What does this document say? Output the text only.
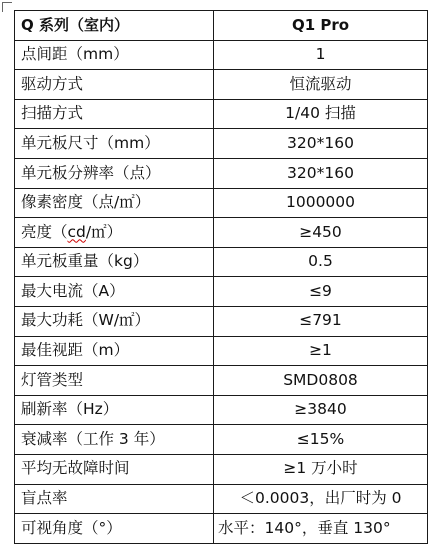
Q 系列（室内）	Q1 Pro
点间距（mm）	1
驱动方式	恒流驱动
扫描方式	1/40 扫描
单元板尺寸（mm）	320*160
单元板分辨率（点）	320*160
像素密度（点/㎡）	1000000
亮度（cd/㎡）	≥450
单元板重量（kg）	0.5
最大电流（A）	≤9
最大功耗（W/㎡）	≤791
最佳视距（m）	≥1
灯管类型	SMD0808
刷新率（Hz）	≥3840
衰减率（工作 3 年）	≤15%
平均无故障时间	≥1 万小时
盲点率	＜0.0003，出厂时为 0
可视角度（°）	水平：140°，垂直 130°
